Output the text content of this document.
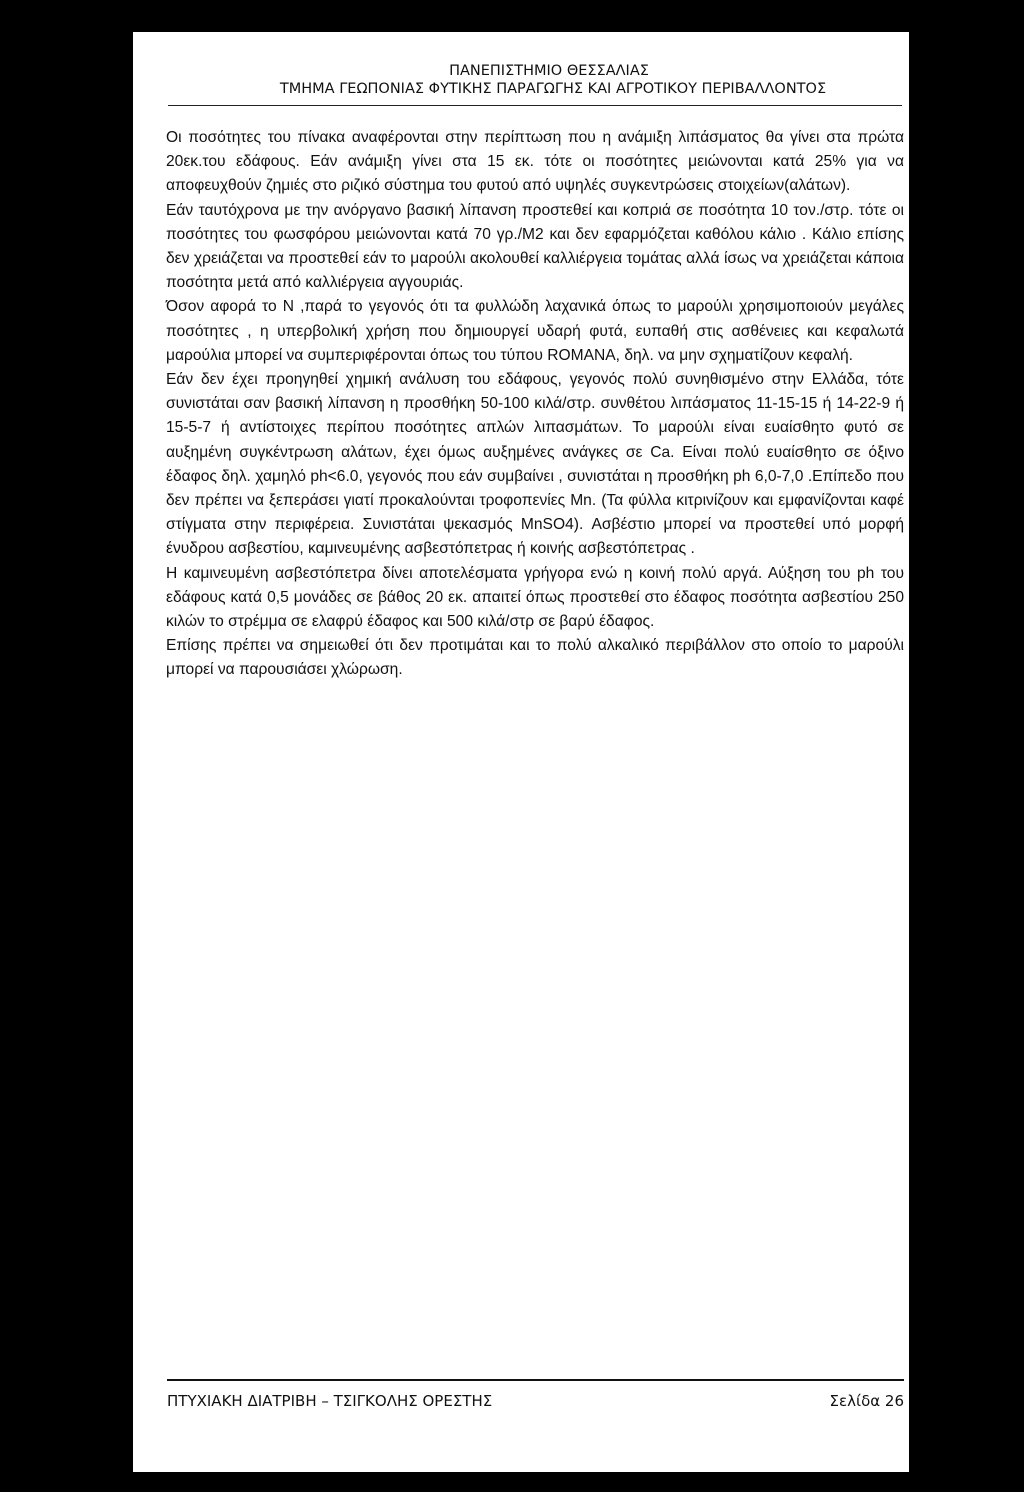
ΠΑΝΕΠΙΣΤΗΜΙΟ ΘΕΣΣΑΛΙΑΣ
ΤΜΗΜΑ ΓΕΩΠΟΝΙΑΣ ΦΥΤΙΚΗΣ ΠΑΡΑΓΩΓΗΣ ΚΑΙ ΑΓΡΟΤΙΚΟΥ ΠΕΡΙΒΑΛΛΟΝΤΟΣ

Οι ποσότητες του πίνακα αναφέρονται στην περίπτωση που η ανάμιξη λιπάσματος θα γίνει στα πρώτα 20εκ.του εδάφους. Εάν ανάμιξη γίνει στα 15 εκ. τότε οι ποσότητες μειώνονται κατά 25% για να αποφευχθούν ζημιές στο ριζικό σύστημα του φυτού από υψηλές συγκεντρώσεις στοιχείων(αλάτων).

Εάν ταυτόχρονα με την ανόργανο βασική λίπανση προστεθεί και κοπριά σε ποσότητα 10 τον./στρ. τότε οι ποσότητες του φωσφόρου μειώνονται κατά 70 γρ./Μ2 και δεν εφαρμόζεται καθόλου κάλιο . Κάλιο επίσης δεν χρειάζεται να προστεθεί εάν το μαρούλι ακολουθεί καλλιέργεια τομάτας αλλά ίσως να χρειάζεται κάποια ποσότητα μετά από καλλιέργεια αγγουριάς.

Όσον αφορά το Ν ,παρά το γεγονός ότι τα φυλλώδη λαχανικά όπως το μαρούλι χρησιμοποιούν μεγάλες ποσότητες , η υπερβολική χρήση που δημιουργεί υδαρή φυτά, ευπαθή στις ασθένειες και κεφαλωτά μαρούλια μπορεί να συμπεριφέρονται όπως του τύπου ROMANA, δηλ. να μην σχηματίζουν κεφαλή.

Εάν δεν έχει προηγηθεί χημική ανάλυση του εδάφους, γεγονός πολύ συνηθισμένο στην Ελλάδα, τότε συνιστάται σαν βασική λίπανση η προσθήκη 50-100 κιλά/στρ. συνθέτου λιπάσματος 11-15-15 ή 14-22-9 ή 15-5-7 ή αντίστοιχες περίπου ποσότητες απλών λιπασμάτων. Το μαρούλι είναι ευαίσθητο φυτό σε αυξημένη συγκέντρωση αλάτων, έχει όμως αυξημένες ανάγκες σε Ca. Είναι πολύ ευαίσθητο σε όξινο έδαφος δηλ. χαμηλό ph<6.0, γεγονός που εάν συμβαίνει , συνιστάται η προσθήκη ph 6,0-7,0 .Επίπεδο που δεν πρέπει να ξεπεράσει γιατί προκαλούνται τροφοπενίες Mn. (Τα φύλλα κιτρινίζουν και εμφανίζονται καφέ στίγματα στην περιφέρεια. Συνιστάται ψεκασμός MnSO4). Ασβέστιο μπορεί να προστεθεί υπό μορφή ένυδρου ασβεστίου, καμινευμένης ασβεστόπετρας ή κοινής ασβεστόπετρας .

Η καμινευμένη ασβεστόπετρα δίνει αποτελέσματα γρήγορα ενώ η κοινή πολύ αργά. Αύξηση του ph του εδάφους κατά 0,5 μονάδες σε βάθος 20 εκ. απαιτεί όπως προστεθεί στο έδαφος ποσότητα ασβεστίου 250 κιλών το στρέμμα σε ελαφρύ έδαφος και 500 κιλά/στρ σε βαρύ έδαφος.

Επίσης πρέπει να σημειωθεί ότι δεν προτιμάται και το πολύ αλκαλικό περιβάλλον στο οποίο το μαρούλι μπορεί να παρουσιάσει χλώρωση.

ΠΤΥΧΙΑΚΗ ΔΙΑΤΡΙΒΗ – ΤΣΙΓΚΟΛΗΣ ΟΡΕΣΤΗΣ	Σελίδα 26
